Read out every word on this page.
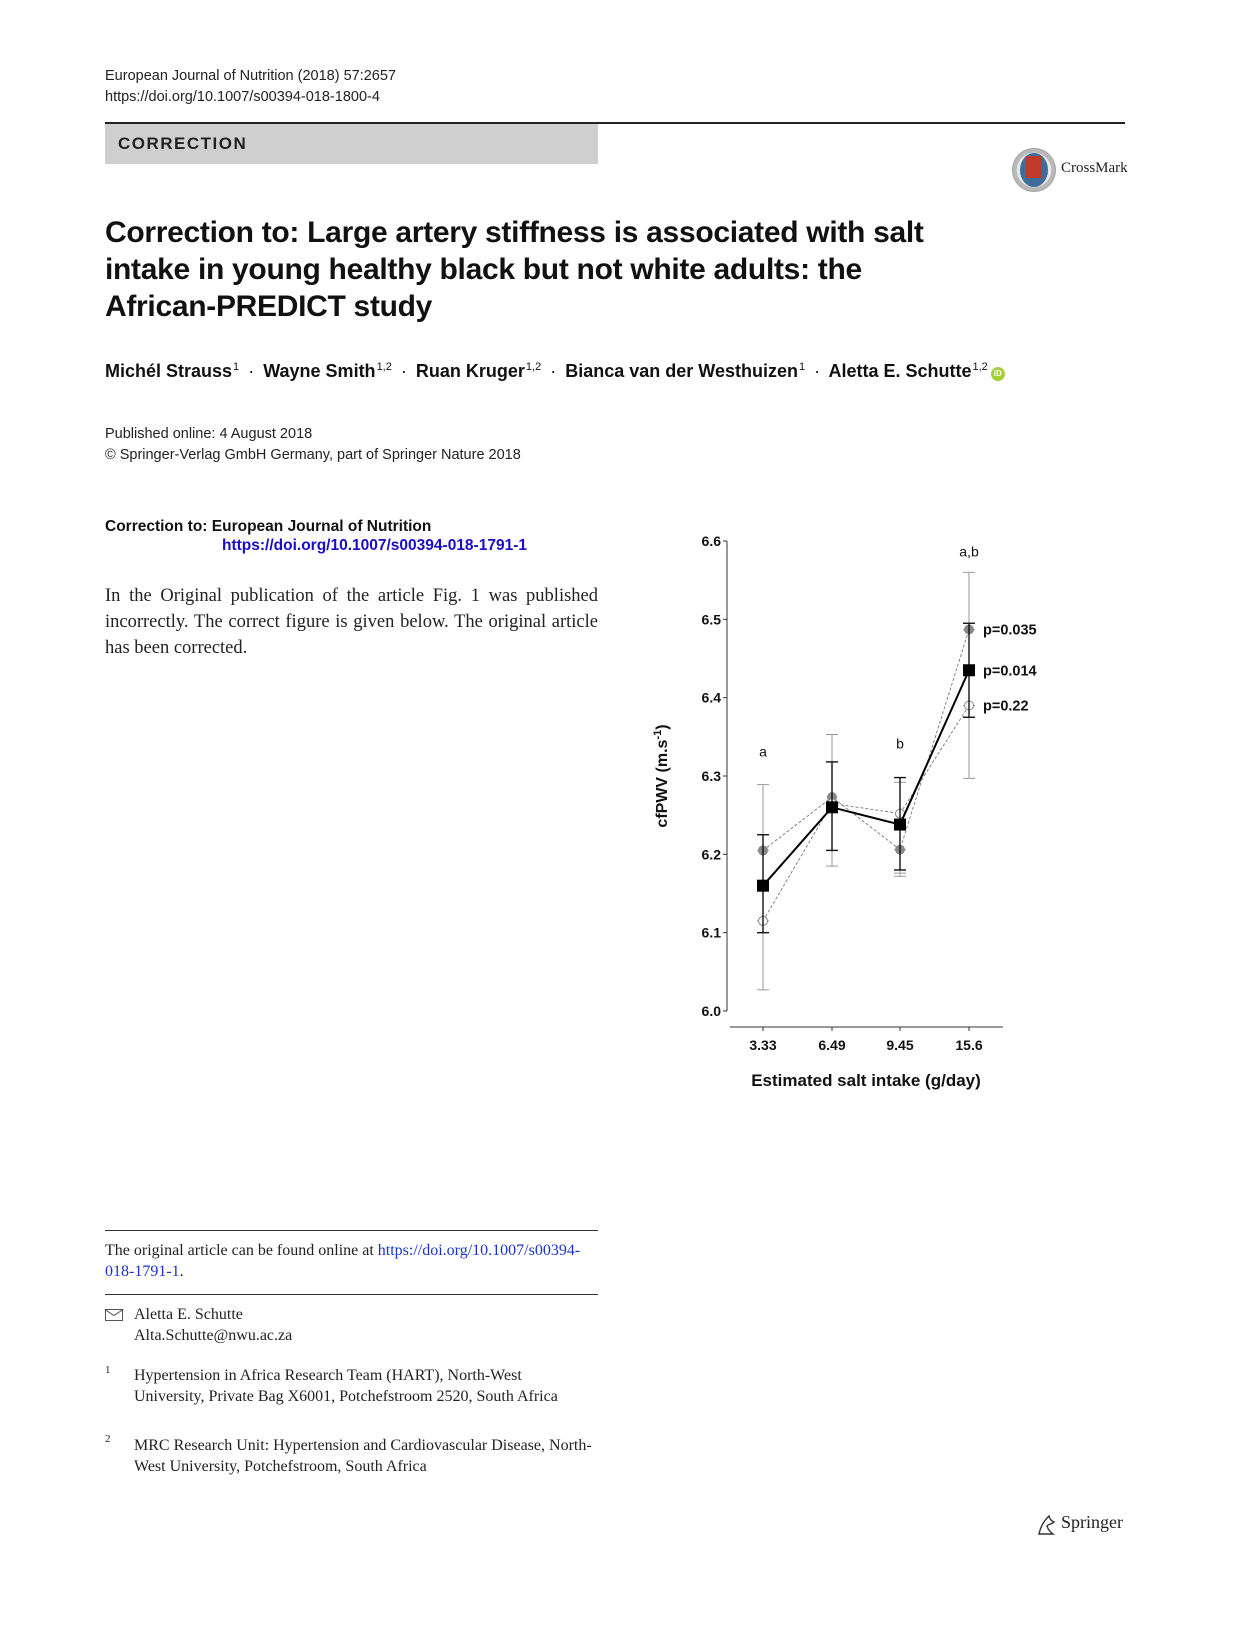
European Journal of Nutrition (2018) 57:2657
https://doi.org/10.1007/s00394-018-1800-4
CORRECTION
CrossMark
Correction to: Large artery stiffness is associated with salt intake in young healthy black but not white adults: the African-PREDICT study
Michél Strauss$^1$ · Wayne Smith$^{1,2}$ · Ruan Kruger$^{1,2}$ · Bianca van der Westhuizen$^1$ · Aletta E. Schutte$^{1,2}$iD
Published online: 4 August 2018
© Springer-Verlag GmbH Germany, part of Springer Nature 2018
Correction to: European Journal of Nutrition
https://doi.org/10.1007/s00394-018-1791-1
In the Original publication of the article Fig. 1 was published incorrectly. The correct figure is given below. The original article has been corrected.
6.0
6.1
6.2
6.3
6.4
6.5
6.6
3.33	6.49	9.45	15.6
Estimated salt intake (g/day)
cfPWV $(m.s^{-1})$
p=0.035
p=0.22
p=0.014
a	b
a,b
The original article can be found online at https://doi.org/10.1007/s00394-018-1791-1.
Aletta E. Schutte
Alta.Schutte@nwu.ac.za
1 Hypertension in Africa Research Team (HART), North-West University, Private Bag X6001, Potchefstroom 2520, South Africa
2 MRC Research Unit: Hypertension and Cardiovascular Disease, North-West University, Potchefstroom, South Africa
Springer
